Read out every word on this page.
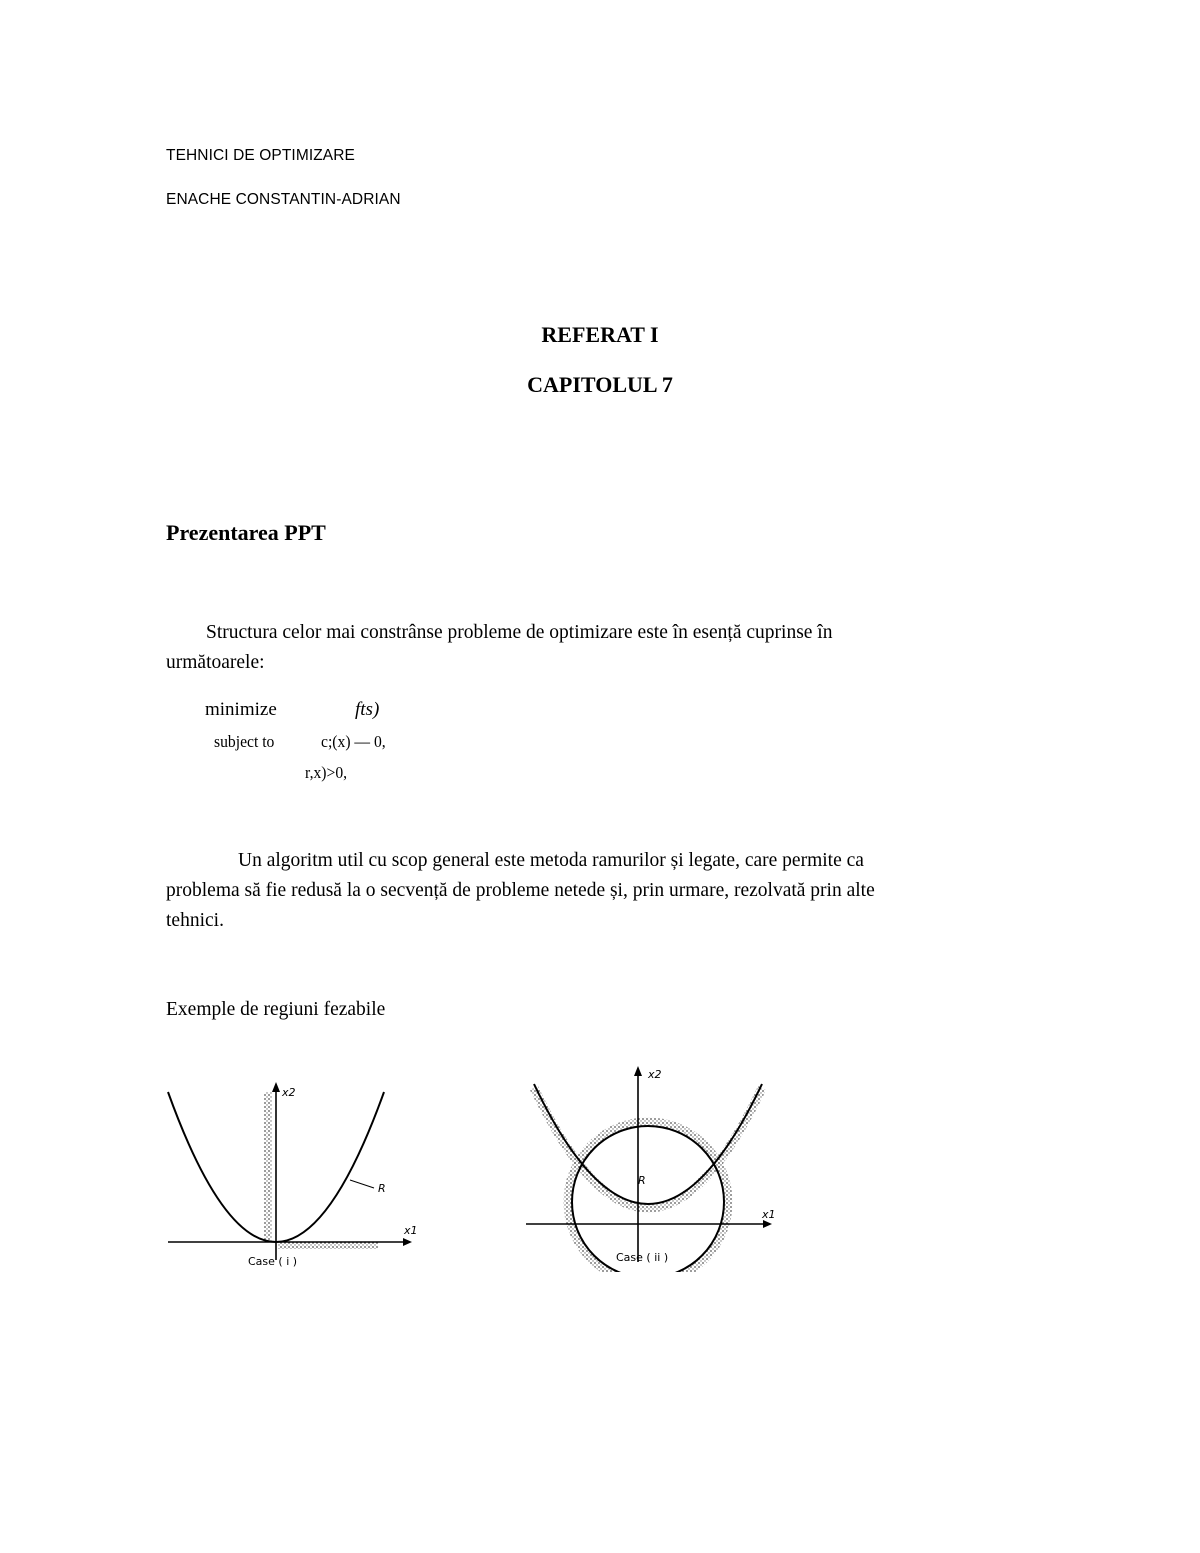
TEHNICI DE OPTIMIZARE
ENACHE CONSTANTIN-ADRIAN
REFERAT I
CAPITOLUL 7
Prezentarea PPT
Structura celor mai constrânse probleme de optimizare este în esență cuprinse în
următoarele:
minimize	fts)
subject to	c;(x) — 0,
r,x)>0,
Un algoritm util cu scop general este metoda ramurilor și legate, care permite ca
problema să fie redusă la o secvență de probleme netede și, prin urmare, rezolvată prin alte
tehnici.
Exemple de regiuni fezabile
R
x2
x1
Case ( i )
R
x2
x1
Case ( ii )
